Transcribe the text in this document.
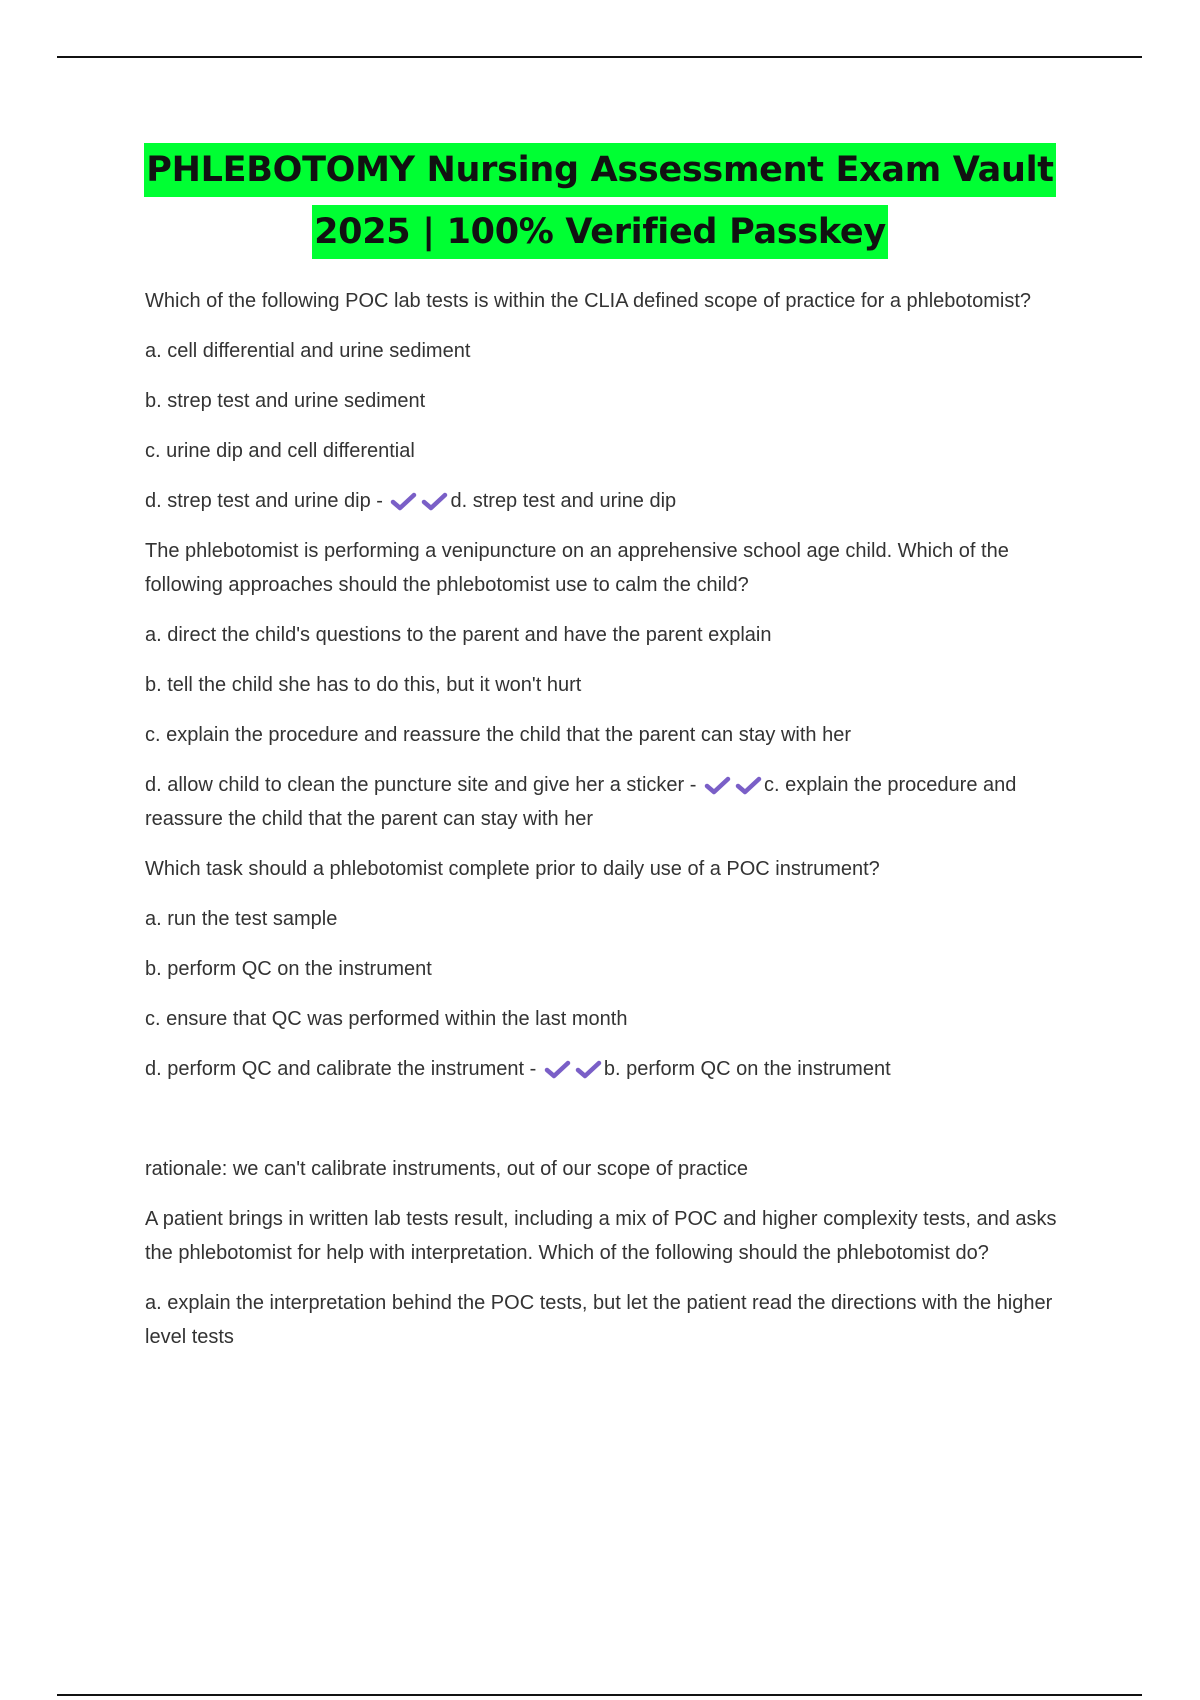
PHLEBOTOMY Nursing Assessment Exam Vault
2025 | 100% Verified Passkey

Which of the following POC lab tests is within the CLIA defined scope of practice for a phlebotomist?

a. cell differential and urine sediment

b. strep test and urine sediment

c. urine dip and cell differential

d. strep test and urine dip -	d. strep test and urine dip

The phlebotomist is performing a venipuncture on an apprehensive school age child. Which of the following approaches should the phlebotomist use to calm the child?

a. direct the child's questions to the parent and have the parent explain

b. tell the child she has to do this, but it won't hurt

c. explain the procedure and reassure the child that the parent can stay with her

d. allow child to clean the puncture site and give her a sticker -	c. explain the procedure and reassure the child that the parent can stay with her

Which task should a phlebotomist complete prior to daily use of a POC instrument?

a. run the test sample

b. perform QC on the instrument

c. ensure that QC was performed within the last month

d. perform QC and calibrate the instrument -	b. perform QC on the instrument

rationale: we can't calibrate instruments, out of our scope of practice

A patient brings in written lab tests result, including a mix of POC and higher complexity tests, and asks the phlebotomist for help with interpretation. Which of the following should the phlebotomist do?

a. explain the interpretation behind the POC tests, but let the patient read the directions with the higher level tests
